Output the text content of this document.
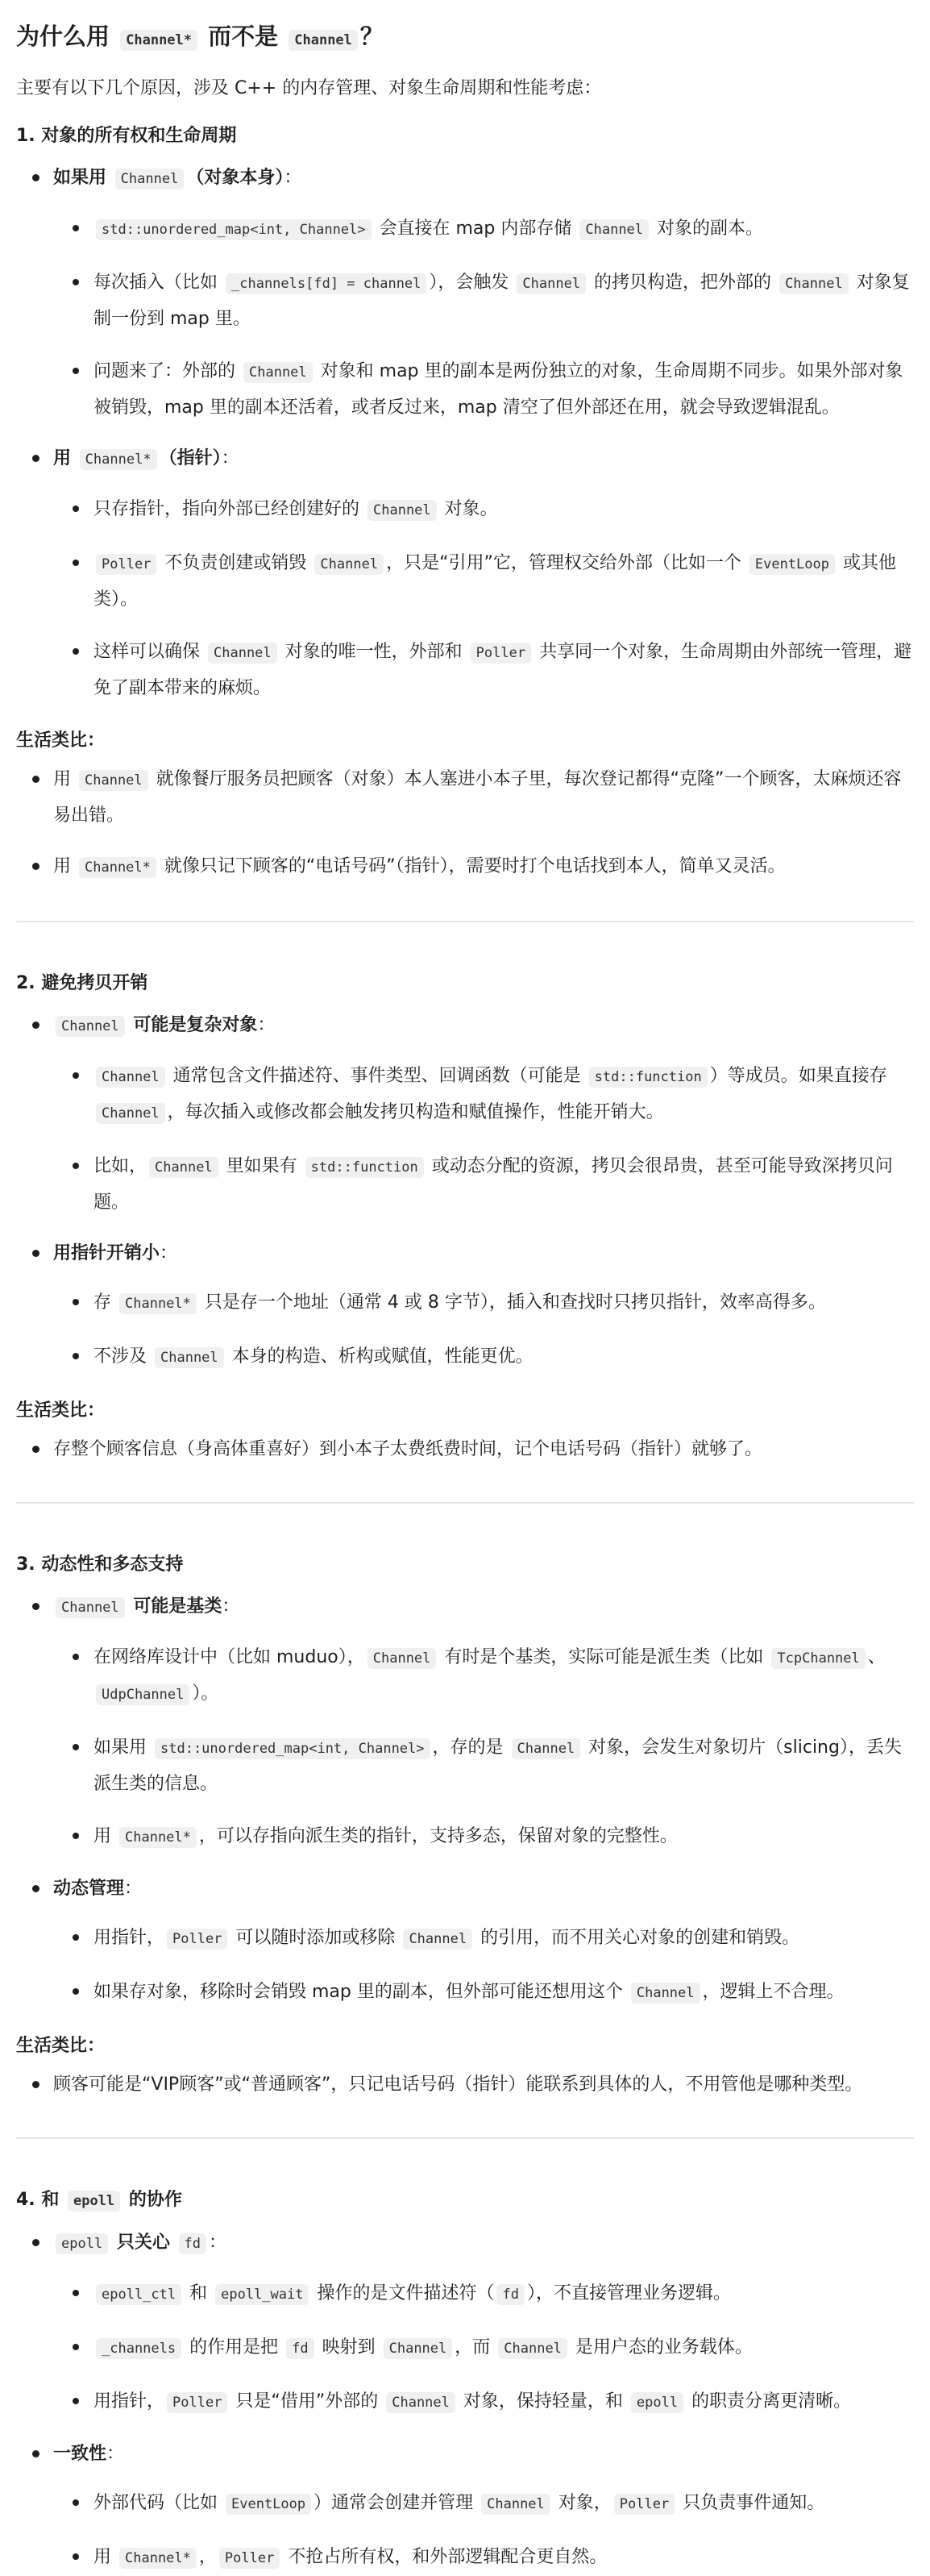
为什么用 Channel* 而不是 Channel ？

主要有以下几个原因，涉及 C++ 的内存管理、对象生命周期和性能考虑：

1. 对象的所有权和生命周期
如果用 Channel （对象本身）：
std::unordered_map<int, Channel> 会直接在 map 内部存储 Channel 对象的副本。
每次插入（比如 _channels[fd] = channel ），会触发 Channel 的拷贝构造，把外部的 Channel 对象复制一份到 map 里。
问题来了：外部的 Channel 对象和 map 里的副本是两份独立的对象，生命周期不同步。如果外部对象被销毁，map 里的副本还活着，或者反过来，map 清空了但外部还在用，就会导致逻辑混乱。
用 Channel* （指针）：
只存指针，指向外部已经创建好的 Channel 对象。
Poller 不负责创建或销毁 Channel ，只是“引用”它，管理权交给外部（比如一个 EventLoop 或其他类）。
这样可以确保 Channel 对象的唯一性，外部和 Poller 共享同一个对象，生命周期由外部统一管理，避免了副本带来的麻烦。
生活类比：
用 Channel 就像餐厅服务员把顾客（对象）本人塞进小本子里，每次登记都得“克隆”一个顾客，太麻烦还容易出错。
用 Channel* 就像只记下顾客的“电话号码”（指针），需要时打个电话找到本人，简单又灵活。
2. 避免拷贝开销
Channel 可能是复杂对象：
Channel 通常包含文件描述符、事件类型、回调函数（可能是 std::function ）等成员。如果直接存 Channel ，每次插入或修改都会触发拷贝构造和赋值操作，性能开销大。
比如， Channel 里如果有 std::function 或动态分配的资源，拷贝会很昂贵，甚至可能导致深拷贝问题。
用指针开销小：
存 Channel* 只是存一个地址（通常 4 或 8 字节），插入和查找时只拷贝指针，效率高得多。
不涉及 Channel 本身的构造、析构或赋值，性能更优。
生活类比：
存整个顾客信息（身高体重喜好）到小本子太费纸费时间，记个电话号码（指针）就够了。
3. 动态性和多态支持
Channel 可能是基类：
在网络库设计中（比如 muduo）， Channel 有时是个基类，实际可能是派生类（比如 TcpChannel 、UdpChannel ）。
如果用 std::unordered_map<int, Channel> ，存的是 Channel 对象，会发生对象切片（slicing），丢失派生类的信息。
用 Channel* ，可以存指向派生类的指针，支持多态，保留对象的完整性。
动态管理：
用指针， Poller 可以随时添加或移除 Channel 的引用，而不用关心对象的创建和销毁。
如果存对象，移除时会销毁 map 里的副本，但外部可能还想用这个 Channel ，逻辑上不合理。
生活类比：
顾客可能是“VIP顾客”或“普通顾客”，只记电话号码（指针）能联系到具体的人，不用管他是哪种类型。
4. 和 epoll 的协作
epoll 只关心 fd ：
epoll_ctl 和 epoll_wait 操作的是文件描述符（ fd ），不直接管理业务逻辑。
_channels 的作用是把 fd 映射到 Channel ，而 Channel 是用户态的业务载体。
用指针， Poller 只是“借用”外部的 Channel 对象，保持轻量，和 epoll 的职责分离更清晰。
一致性：
外部代码（比如 EventLoop ）通常会创建并管理 Channel 对象， Poller 只负责事件通知。
用 Channel* ， Poller 不抢占所有权，和外部逻辑配合更自然。
